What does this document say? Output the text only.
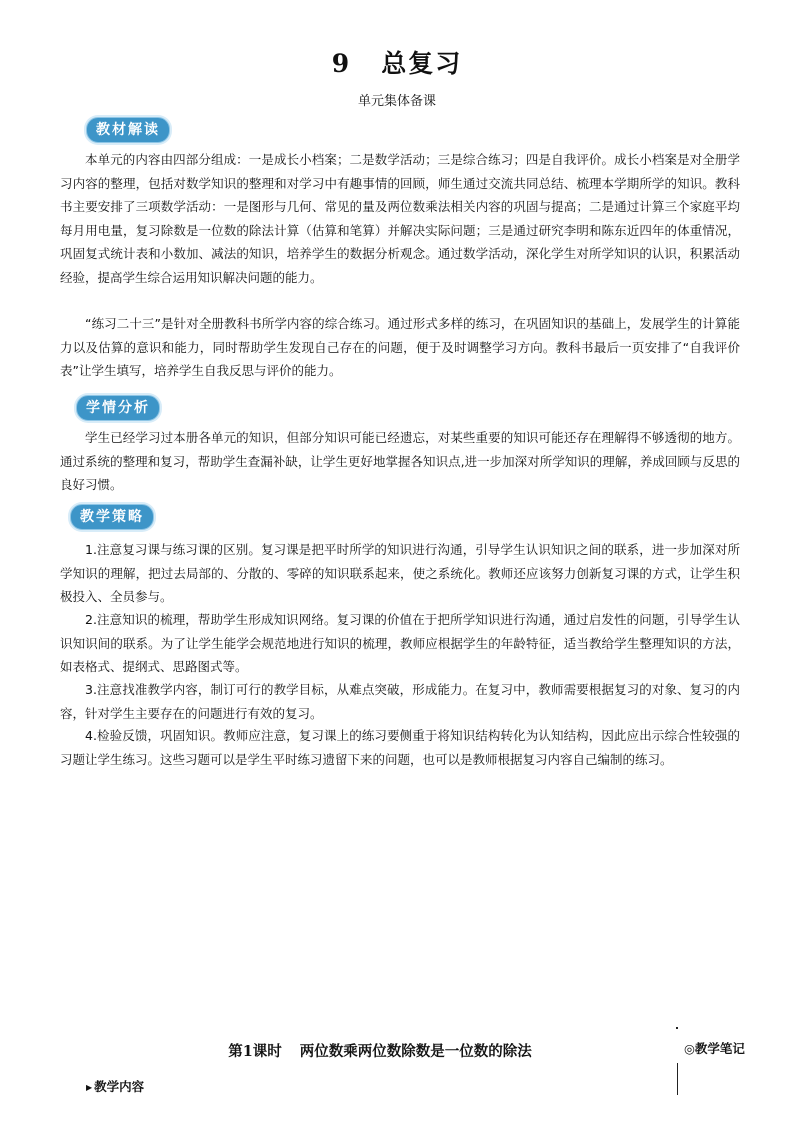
9 总复习
单元集体备课
教材解读

本单元的内容由四部分组成：一是成长小档案；二是数学活动；三是综合练习；四是自我评价。成长小档案是对全册学习内容的整理，包括对数学知识的整理和对学习中有趣事情的回顾，师生通过交流共同总结、梳理本学期所学的知识。教科书主要安排了三项数学活动：一是图形与几何、常见的量及两位数乘法相关内容的巩固与提高；二是通过计算三个家庭平均每月用电量，复习除数是一位数的除法计算（估算和笔算）并解决实际问题；三是通过研究李明和陈东近四年的体重情况，巩固复式统计表和小数加、减法的知识，培养学生的数据分析观念。通过数学活动，深化学生对所学知识的认识，积累活动经验，提高学生综合运用知识解决问题的能力。

“练习二十三”是针对全册教科书所学内容的综合练习。通过形式多样的练习，在巩固知识的基础上，发展学生的计算能力以及估算的意识和能力，同时帮助学生发现自己存在的问题，便于及时调整学习方向。教科书最后一页安排了“自我评价表”让学生填写，培养学生自我反思与评价的能力。

学情分析

学生已经学习过本册各单元的知识，但部分知识可能已经遗忘，对某些重要的知识可能还存在理解得不够透彻的地方。通过系统的整理和复习，帮助学生查漏补缺，让学生更好地掌握各知识点,进一步加深对所学知识的理解，养成回顾与反思的良好习惯。

教学策略

1.注意复习课与练习课的区别。复习课是把平时所学的知识进行沟通，引导学生认识知识之间的联系，进一步加深对所学知识的理解，把过去局部的、分散的、零碎的知识联系起来，使之系统化。教师还应该努力创新复习课的方式，让学生积极投入、全员参与。

2.注意知识的梳理，帮助学生形成知识网络。复习课的价值在于把所学知识进行沟通，通过启发性的问题，引导学生认识知识间的联系。为了让学生能学会规范地进行知识的梳理，教师应根据学生的年龄特征，适当教给学生整理知识的方法，如表格式、提纲式、思路图式等。

3.注意找准教学内容，制订可行的教学目标，从难点突破，形成能力。在复习中，教师需要根据复习的对象、复习的内容，针对学生主要存在的问题进行有效的复习。

4.检验反馈，巩固知识。教师应注意，复习课上的练习要侧重于将知识结构转化为认知结构，因此应出示综合性较强的习题让学生练习。这些习题可以是学生平时练习遗留下来的问题，也可以是教师根据复习内容自己编制的练习。

第1课时 两位数乘两位数除数是一位数的除法	◎教学笔记
▶ 教学内容
